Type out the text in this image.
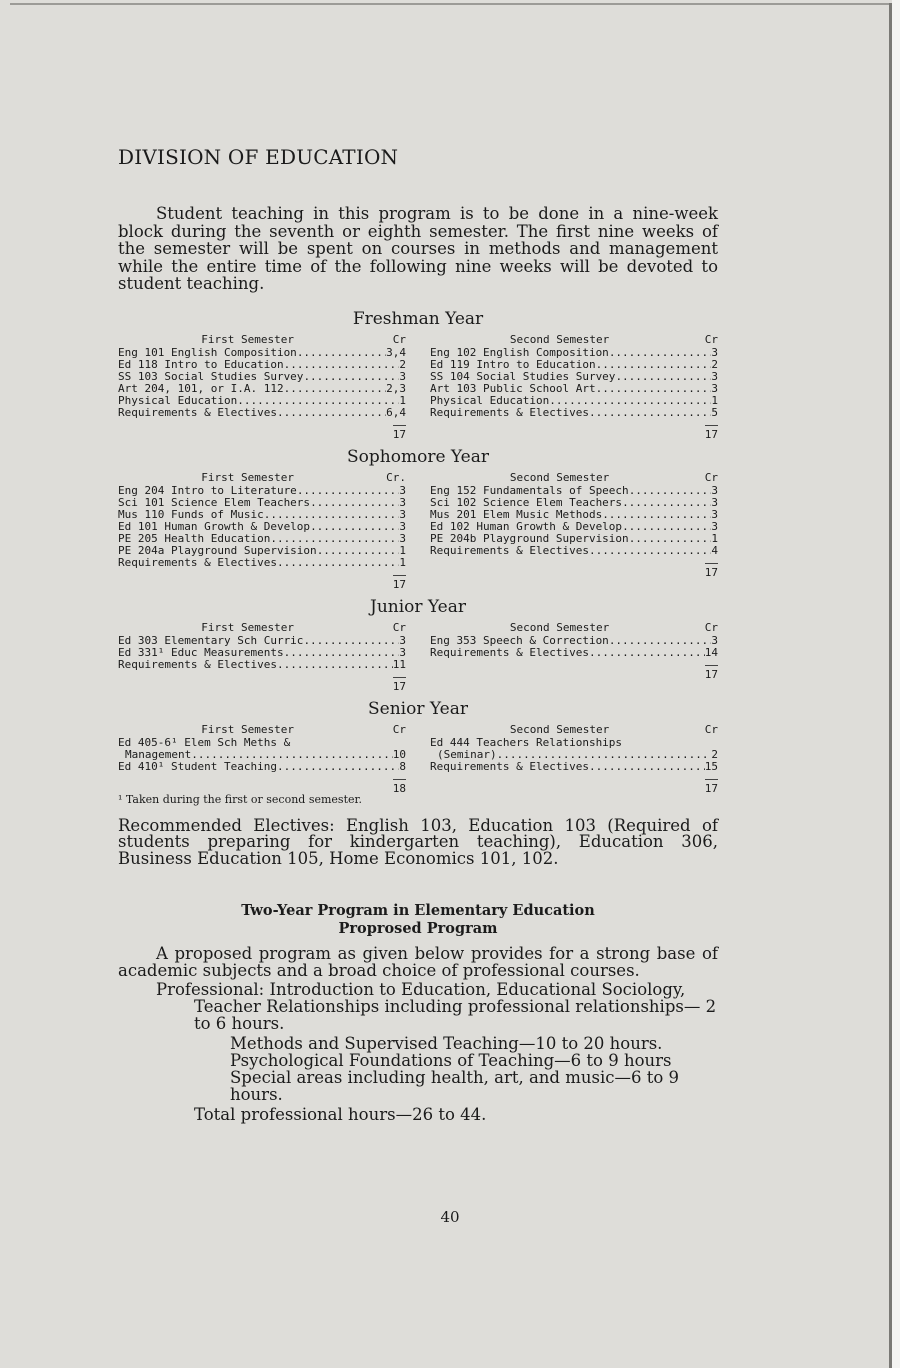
DIVISION OF EDUCATION

Student teaching in this program is to be done in a nine-week block during the seventh or eighth semester. The first nine weeks of the semester will be spent on courses in methods and management while the entire time of the following nine weeks will be devoted to student teaching.

Freshman Year

First Semester	Cr
Eng 101 English Composition .....	3,4
Ed 118 Intro to Education .....	2
SS 103 Social Studies Survey .....	3
Art 204, 101, or I.A. 112 .....	2,3
Physical Education .....	1
Requirements & Electives .....	6,4
17
Second Semester	Cr
Eng 102 English Composition .....	3
Ed 119 Intro to Education .....	2
SS 104 Social Studies Survey .....	3
Art 103 Public School Art .....	3
Physical Education .....	1
Requirements & Electives .....	5
17

Sophomore Year

First Semester	Cr.
Eng 204 Intro to Literature .....	3
Sci 101 Science Elem Teachers .....	3
Mus 110 Funds of Music .....	3
Ed 101 Human Growth & Develop .....	3
PE 205 Health Education .....	3
PE 204a Playground Supervision .....	1
Requirements & Electives .....	1
17
Second Semester	Cr
Eng 152 Fundamentals of Speech .....	3
Sci 102 Science Elem Teachers .....	3
Mus 201 Elem Music Methods .....	3
Ed 102 Human Growth & Develop .....	3
PE 204b Playground Supervision .....	1
Requirements & Electives .....	4
17

Junior Year

First Semester	Cr
Ed 303 Elementary Sch Curric .....	3
Ed 331¹ Educ Measurements .....	3
Requirements & Electives .....	11
17
Second Semester	Cr
Eng 353 Speech & Correction .....	3
Requirements & Electives .....	14
17

Senior Year

First Semester	Cr
Ed 405-6¹ Elem Sch Meths &
Management .....	10
Ed 410¹ Student Teaching .....	8
18
Second Semester	Cr
Ed 444 Teachers Relationships
(Seminar) .....	2
Requirements & Electives .....	15
17

¹ Taken during the first or second semester.

Recommended Electives: English 103, Education 103 (Required of students preparing for kindergarten teaching), Education 306, Business Education 105, Home Economics 101, 102.

Two-Year Program in Elementary Education

Proprosed Program

A proposed program as given below provides for a strong base of academic subjects and a broad choice of professional courses.

Professional: Introduction to Education, Educational Sociology, Teacher Relationships including professional relationships— 2 to 6 hours.

Methods and Supervised Teaching—10 to 20 hours.

Psychological Foundations of Teaching—6 to 9 hours

Special areas including health, art, and music—6 to 9 hours.

Total professional hours—26 to 44.

40
